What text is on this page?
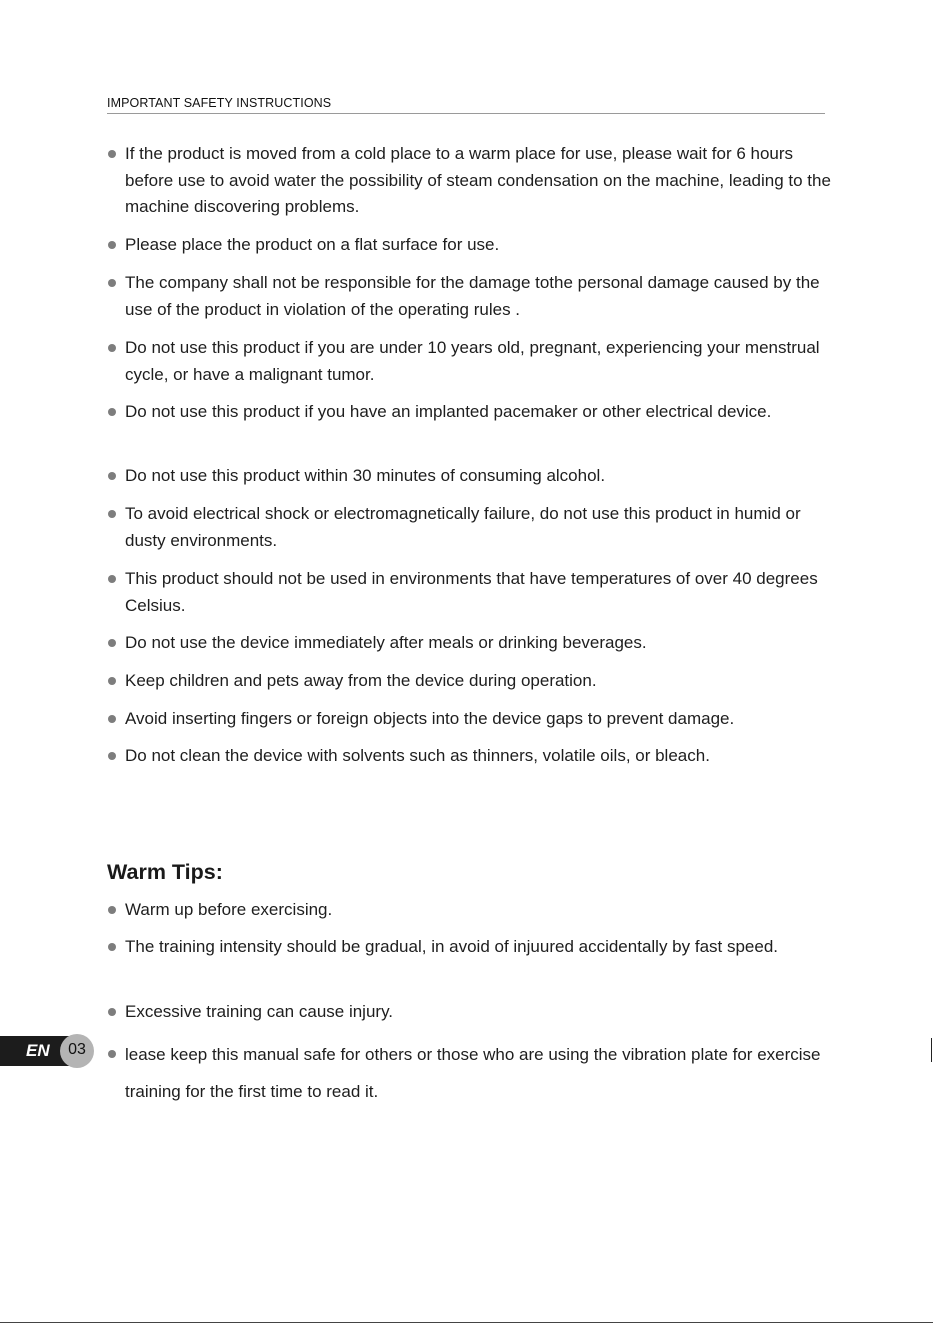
IMPORTANT SAFETY INSTRUCTIONS
If the product is moved from a cold place to a warm place for use, please wait for 6 hours before use to avoid water the possibility of steam condensation on the machine, leading to the machine discovering problems.
Please place the product on a flat surface for use.
The company shall not be responsible for the damage tothe personal damage caused by the use of the product in violation of the operating rules .
Do not use this product if you are under 10 years old, pregnant, experiencing your menstrual cycle, or have a malignant tumor.
Do not use this product if you have an implanted pacemaker or other electrical device.
Do not use this product within 30 minutes of consuming alcohol.
To avoid electrical shock or electromagnetically failure, do not use this product in humid or dusty environments.
This product should not be used in environments that have temperatures of over 40 degrees Celsius.
Do not use the device immediately after meals or drinking beverages.
Keep children and pets away from the device during operation.
Avoid inserting fingers or foreign objects into the device gaps to prevent damage.
Do not clean the device with solvents such as thinners, volatile oils, or bleach.
Warm Tips:
Warm up before exercising.
The training intensity should be gradual, in avoid of injuured accidentally by fast speed.
Excessive training can cause injury.
lease keep this manual safe for others or those who are using the vibration plate for exercise training for the first time to read it.
EN	03
